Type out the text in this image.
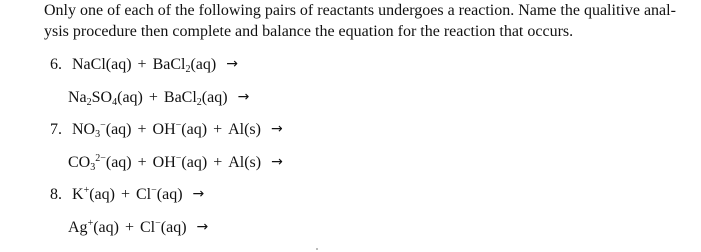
Only one of each of the following pairs of reactants undergoes a reaction. Name the qualitive anal-

ysis procedure then complete and balance the equation for the reaction that occurs.

6. NaCl(aq) + BaCl$_2$(aq) →
$Na_2SO_4(aq)$ + BaCl$_2$(aq) →
7. $NO_3^-(aq) + OH^-(aq) + Al(s)$ →
$CO_3^{2-}(aq) + OH^-(aq) + Al(s)$ →
8. K+(aq) + Cl−(aq) →
Ag+(aq) + Cl−(aq) →
